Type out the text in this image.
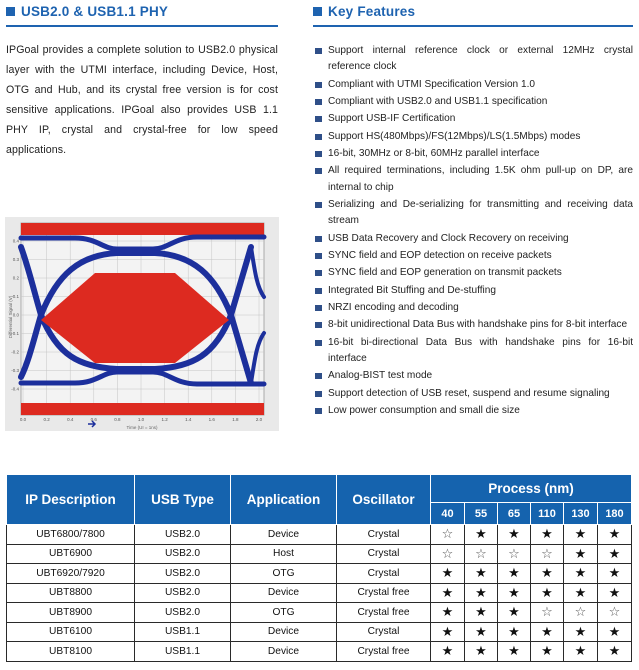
USB2.0 & USB1.1 PHY

IPGoal provides a complete solution to USB2.0 physical layer with the UTMI interface, including Device, Host, OTG and Hub, and its crystal free version is for cost sensitive applications. IPGoal also provides USB 1.1 PHY IP, crystal and crystal-free for low speed applications.

Key Features
Support internal reference clock or external 12MHz crystal reference clock
Compliant with UTMI Specification Version 1.0
Compliant with USB2.0 and USB1.1 specification
Support USB-IF Certification
Support HS(480Mbps)/FS(12Mbps)/LS(1.5Mbps) modes
16-bit, 30MHz or 8-bit, 60MHz parallel interface
All required terminations, including 1.5K ohm pull-up on DP, are internal to chip
Serializing and De-serializing for transmitting and receiving data stream
USB Data Recovery and Clock Recovery on receiving
SYNC field and EOP detection on receive packets
SYNC field and EOP generation on transmit packets
Integrated Bit Stuffing and De-stuffing
NRZI encoding and decoding
8-bit unidirectional Data Bus with handshake pins for 8-bit interface
16-bit bi-directional Data Bus with handshake pins for 16-bit interface
Analog-BIST test mode
Support detection of USB reset, suspend and resume signaling
Low power consumption and small die size
0.4
0.3
0.2
0.1
0.0
-0.1
-0.2
-0.3
-0.4
0.0	0.2	0.4	0.6	0.8	1.0	1.2	1.4	1.6	1.8	2.0
Differential Signal (V)
Time (UI = 1ns)
IP Description	USB Type	Application	Oscillator	Process (nm)					
				40	55	65	110	130	180
UBT6800/7800	USB2.0	Device	Crystal	☆	★	★	★	★	★
UBT6900	USB2.0	Host	Crystal	☆	☆	☆	☆	★	★
UBT6920/7920	USB2.0	OTG	Crystal	★	★	★	★	★	★
UBT8800	USB2.0	Device	Crystal free	★	★	★	★	★	★
UBT8900	USB2.0	OTG	Crystal free	★	★	★	☆	☆	☆
UBT6100	USB1.1	Device	Crystal	★	★	★	★	★	★
UBT8100	USB1.1	Device	Crystal free	★	★	★	★	★	★
